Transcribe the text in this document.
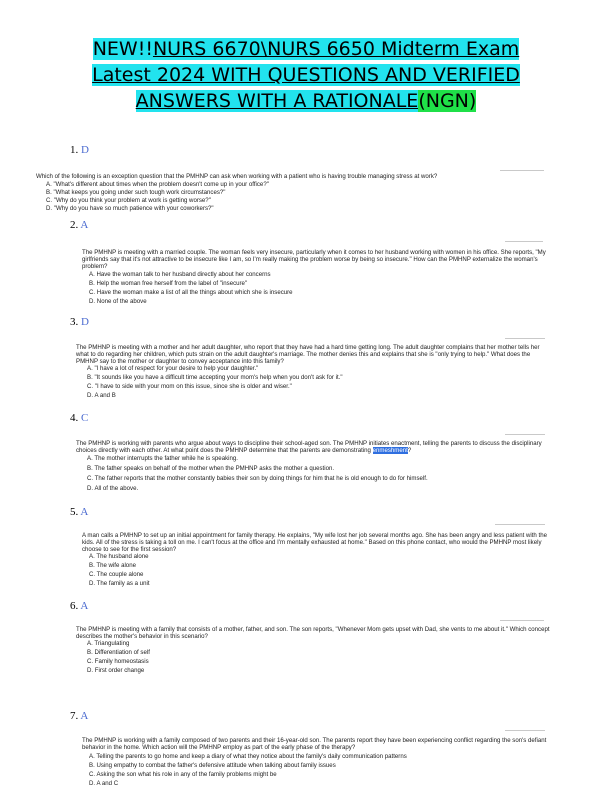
NEW!!NURS 6670\NURS 6650 Midterm Exam
Latest 2024 WITH QUESTIONS AND VERIFIED
ANSWERS WITH A RATIONALE(NGN)
1. D
Which of the following is an exception question that the PMHNP can ask when working with a patient who is having trouble managing stress at work?
A. "What's different about times when the problem doesn't come up in your office?"
B. "What keeps you going under such tough work circumstances?"
C. "Why do you think your problem at work is getting worse?"
D. "Why do you have so much patience with your coworkers?"
2. A
The PMHNP is meeting with a married couple. The woman feels very insecure, particularly when it comes to her husband working with women in his office. She reports, "My girlfriends say that it's not attractive to be insecure like I am, so I'm really making the problem worse by being so insecure." How can the PMHNP externalize the woman's problem?
A. Have the woman talk to her husband directly about her concerns
B. Help the woman free herself from the label of "insecure"
C. Have the woman make a list of all the things about which she is insecure
D. None of the above
3. D
The PMHNP is meeting with a mother and her adult daughter, who report that they have had a hard time getting long. The adult daughter complains that her mother tells her what to do regarding her children, which puts strain on the adult daughter's marriage. The mother denies this and explains that she is "only trying to help." What does the PMHNP say to the mother or daughter to convey acceptance into this family?
A. "I have a lot of respect for your desire to help your daughter."
B. "It sounds like you have a difficult time accepting your mom's help when you don't ask for it."
C. "I have to side with your mom on this issue, since she is older and wiser."
D. A and B
4. C
The PMHNP is working with parents who argue about ways to discipline their school-aged son. The PMHNP initiates enactment, telling the parents to discuss the disciplinary choices directly with each other. At what point does the PMHNP determine that the parents are demonstrating enmeshment?
A. The mother interrupts the father while he is speaking.
B. The father speaks on behalf of the mother when the PMHNP asks the mother a question.
C. The father reports that the mother constantly babies their son by doing things for him that he is old enough to do for himself.
D. All of the above.
5. A
A man calls a PMHNP to set up an initial appointment for family therapy. He explains, "My wife lost her job several months ago. She has been angry and less patient with the kids. All of the stress is taking a toll on me. I can't focus at the office and I'm mentally exhausted at home." Based on this phone contact, who would the PMHNP most likely choose to see for the first session?
A. The husband alone
B. The wife alone
C. The couple alone
D. The family as a unit
6. A
The PMHNP is meeting with a family that consists of a mother, father, and son. The son reports, "Whenever Mom gets upset with Dad, she vents to me about it." Which concept describes the mother's behavior in this scenario?
A. Triangulating
B. Differentiation of self
C. Family homeostasis
D. First order change
7. A
The PMHNP is working with a family composed of two parents and their 16-year-old son. The parents report they have been experiencing conflict regarding the son's defiant behavior in the home. Which action will the PMHNP employ as part of the early phase of the therapy?
A. Telling the parents to go home and keep a diary of what they notice about the family's daily communication patterns
B. Using empathy to combat the father's defensive attitude when talking about family issues
C. Asking the son what his role in any of the family problems might be
D. A and C
